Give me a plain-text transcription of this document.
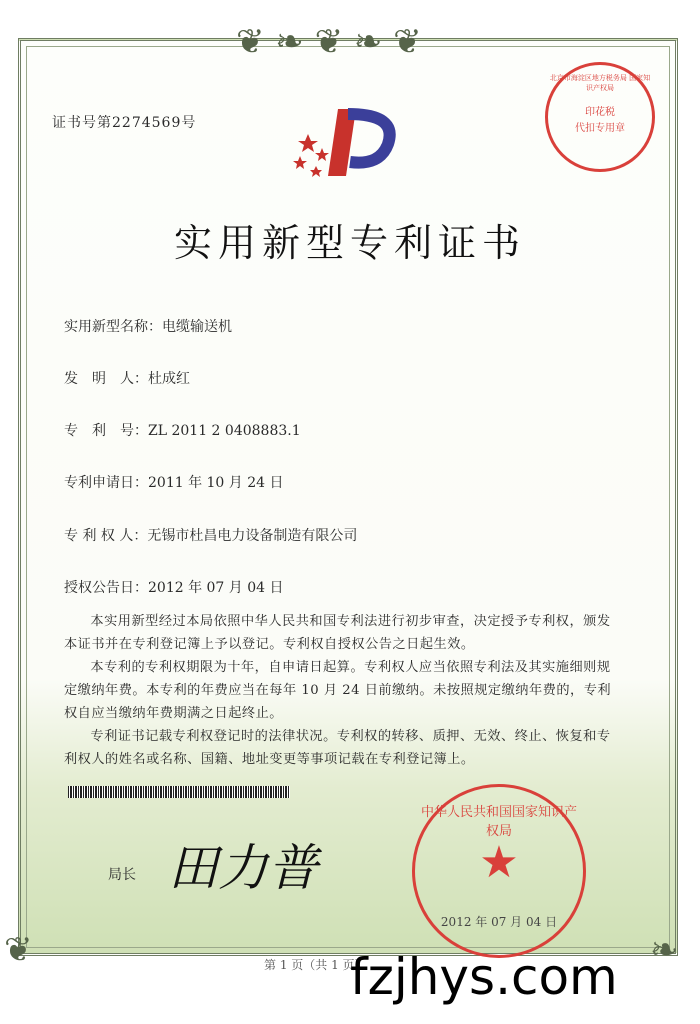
❦ ❧ ❦ ❧ ❦
❦	❧
证书号第2274569号
北京市海淀区地方税务局 国家知识产权局
印花税
代扣专用章
实用新型专利证书
实用新型名称：电缆输送机
发　明　人：杜成红
专　利　号：ZL 2011 2 0408883.1
专利申请日：2011 年 10 月 24 日
专 利 权 人：无锡市杜昌电力设备制造有限公司
授权公告日：2012 年 07 月 04 日

本实用新型经过本局依照中华人民共和国专利法进行初步审查，决定授予专利权，颁发本证书并在专利登记簿上予以登记。专利权自授权公告之日起生效。

本专利的专利权期限为十年，自申请日起算。专利权人应当依照专利法及其实施细则规定缴纳年费。本专利的年费应当在每年 10 月 24 日前缴纳。未按照规定缴纳年费的，专利权自应当缴纳年费期满之日起终止。

专利证书记载专利权登记时的法律状况。专利权的转移、质押、无效、终止、恢复和专利权人的姓名或名称、国籍、地址变更等事项记载在专利登记簿上。

局长 田力普
中华人民共和国国家知识产权局
★
2012 年 07 月 04 日
第 1 页（共 1 页）
fzjhys.com
